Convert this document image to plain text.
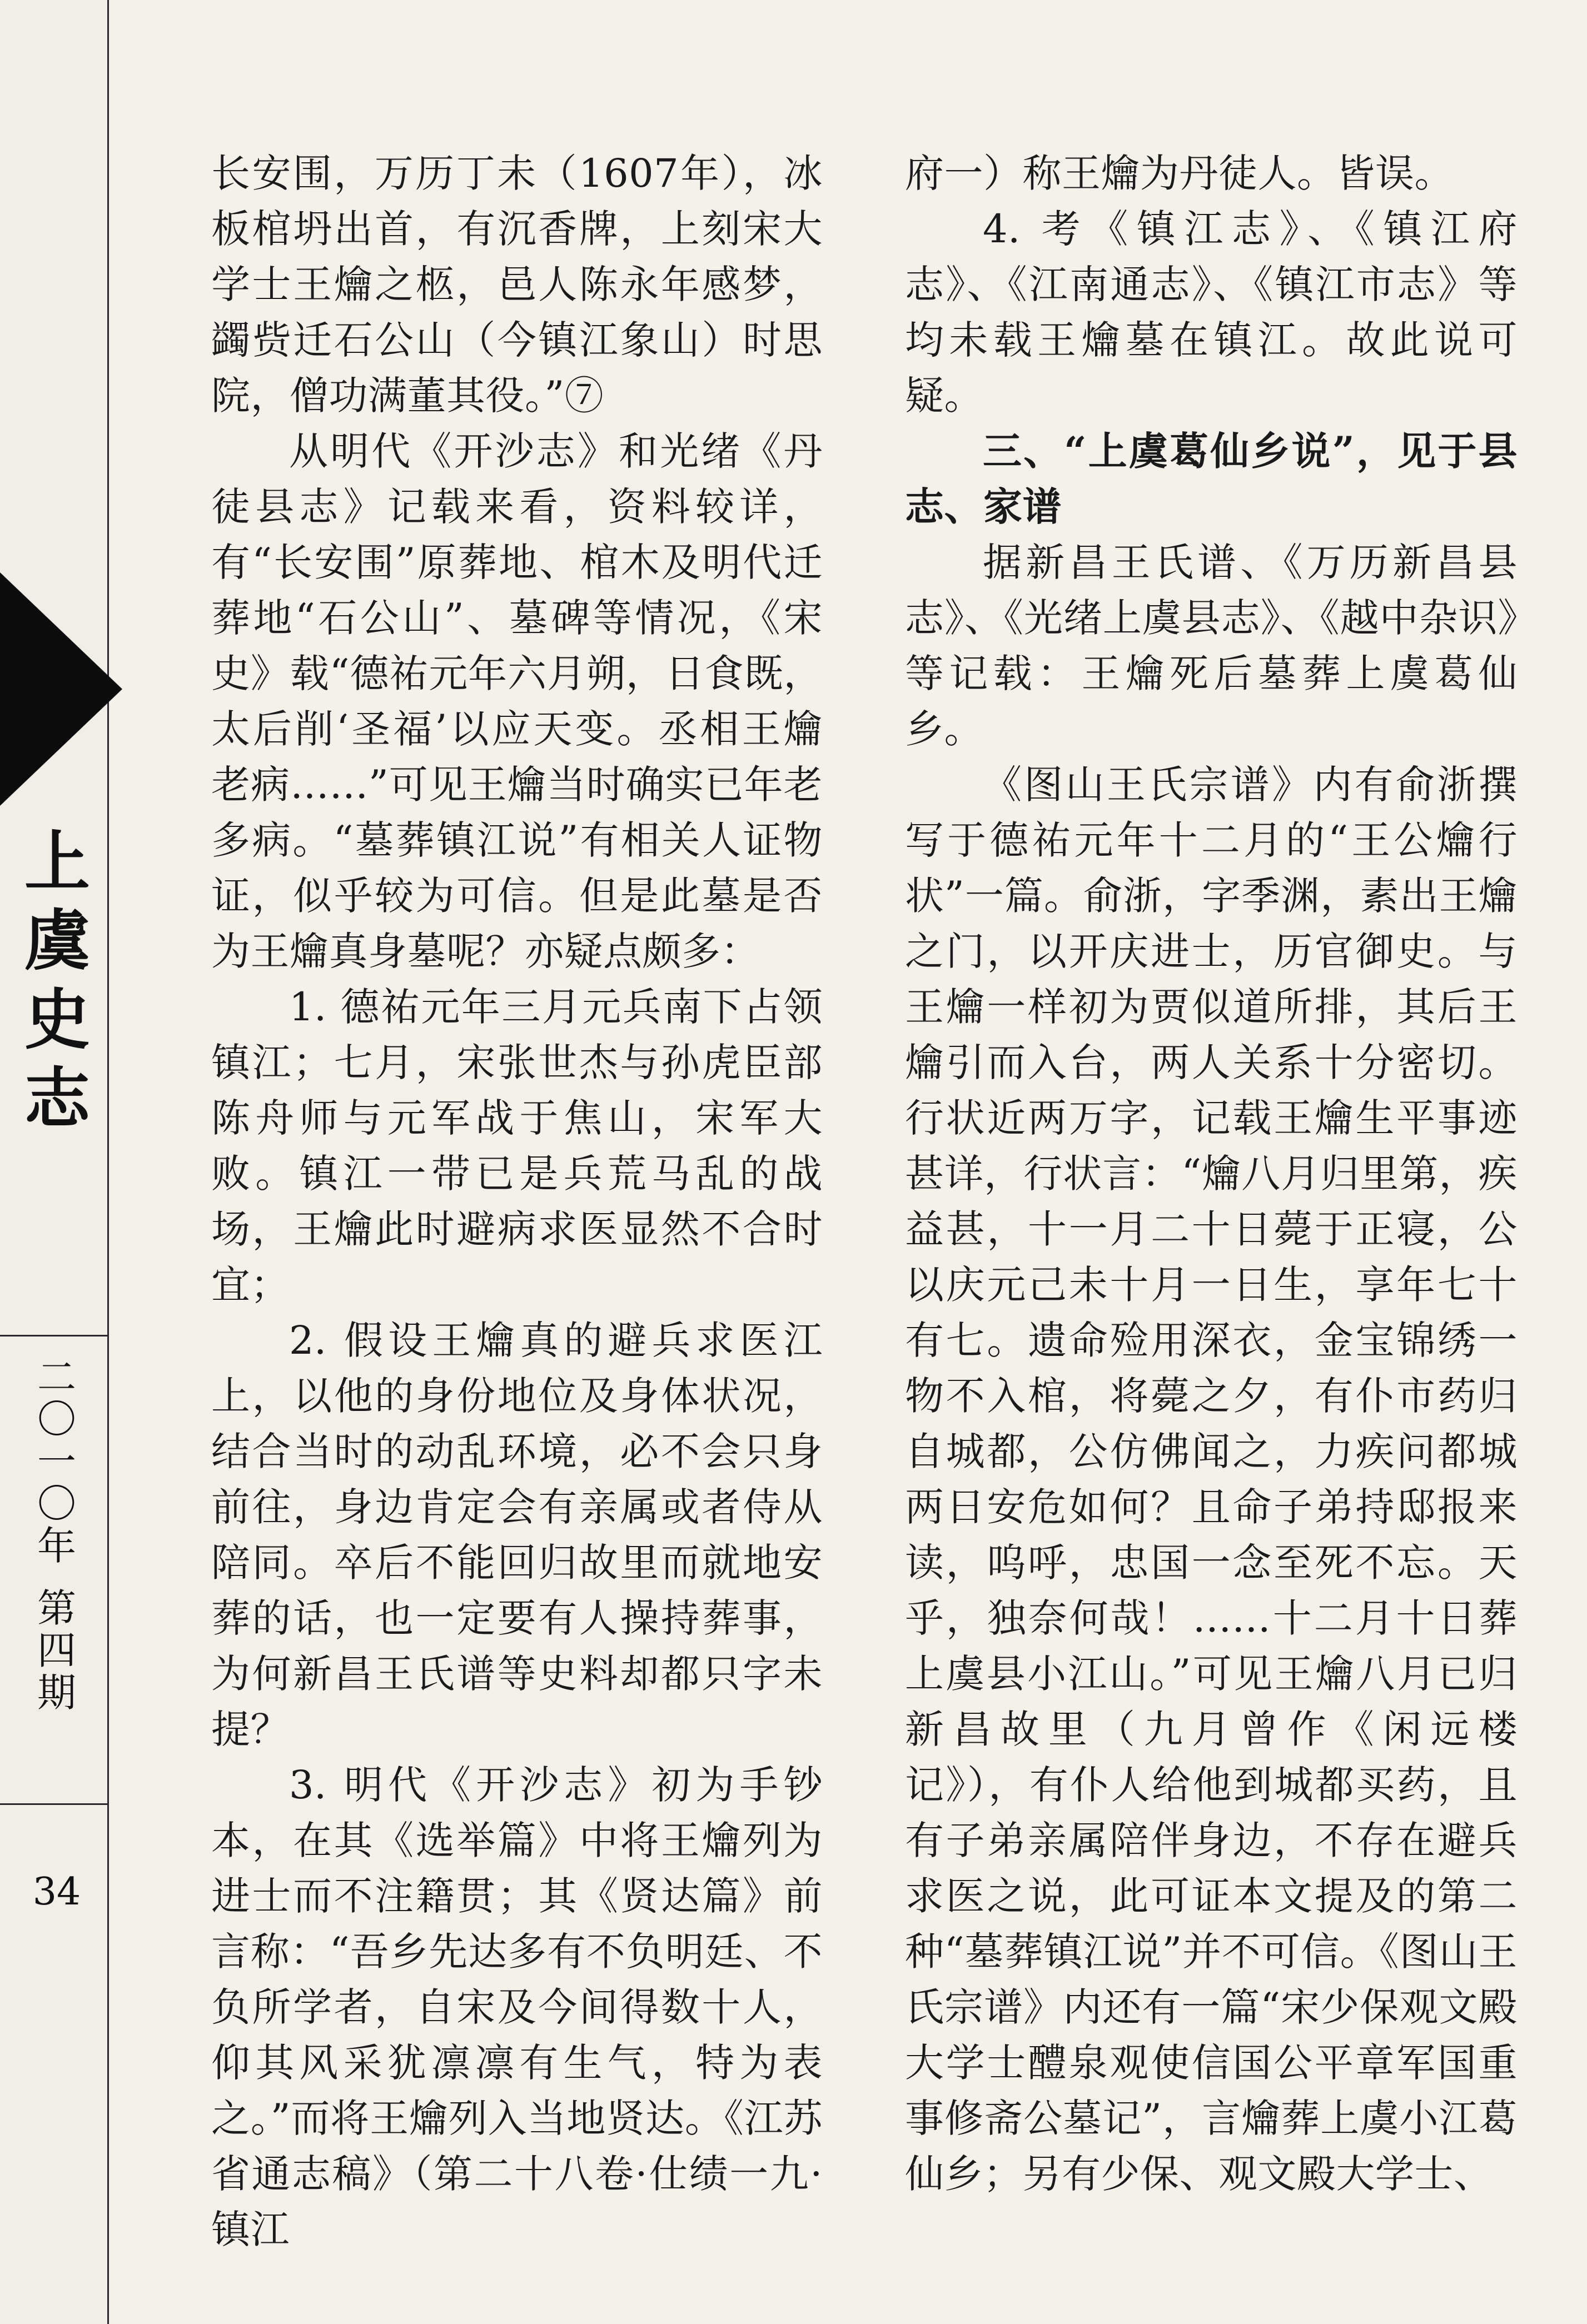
上
虞
史
志
二
〇
一
〇
年
第
四
期
34

长安围，万历丁未（1607年），冰板棺坍出首，有沉香牌，上刻宋大学士王爚之柩，邑人陈永年感梦，蠲赀迁石公山（今镇江象山）时思院，僧功满董其役。”⑦

从明代《开沙志》和光绪《丹徒县志》记载来看，资料较详，有“长安围”原葬地、棺木及明代迁葬地“石公山”、墓碑等情况，《宋史》载“德祐元年六月朔，日食既，太后削‘圣福’以应天变。丞相王爚老病……”可见王爚当时确实已年老多病。“墓葬镇江说”有相关人证物证，似乎较为可信。但是此墓是否为王爚真身墓呢？亦疑点颇多：

1. 德祐元年三月元兵南下占领镇江；七月，宋张世杰与孙虎臣部陈舟师与元军战于焦山，宋军大败。镇江一带已是兵荒马乱的战场，王爚此时避病求医显然不合时宜；

2. 假设王爚真的避兵求医江上，以他的身份地位及身体状况，结合当时的动乱环境，必不会只身前往，身边肯定会有亲属或者侍从陪同。卒后不能回归故里而就地安葬的话，也一定要有人操持葬事，为何新昌王氏谱等史料却都只字未提？

3. 明代《开沙志》初为手钞本，在其《选举篇》中将王爚列为进士而不注籍贯；其《贤达篇》前言称：“吾乡先达多有不负明廷、不负所学者，自宋及今间得数十人，仰其风采犹凛凛有生气，特为表之。”而将王爚列入当地贤达。《江苏省通志稿》（第二十八卷·仕绩一九·镇江

府一）称王爚为丹徒人。皆误。

4. 考《镇江志》、《镇江府志》、《江南通志》、《镇江市志》等均未载王爚墓在镇江。故此说可疑。

三、“上虞葛仙乡说”，见于县志、家谱

据新昌王氏谱、《万历新昌县志》、《光绪上虞县志》、《越中杂识》等记载：王爚死后墓葬上虞葛仙乡。

《图山王氏宗谱》内有俞浙撰写于德祐元年十二月的“王公爚行状”一篇。俞浙，字季渊，素出王爚之门，以开庆进士，历官御史。与王爚一样初为贾似道所排，其后王爚引而入台，两人关系十分密切。行状近两万字，记载王爚生平事迹甚详，行状言：“爚八月归里第，疾益甚，十一月二十日薨于正寝，公以庆元己未十月一日生，享年七十有七。遗命殓用深衣，金宝锦绣一物不入棺，将薨之夕，有仆市药归自城都，公仿佛闻之，力疾问都城两日安危如何？且命子弟持邸报来读，呜呼，忠国一念至死不忘。天乎，独奈何哉！……十二月十日葬上虞县小江山。”可见王爚八月已归新昌故里（九月曾作《闲远楼记》），有仆人给他到城都买药，且有子弟亲属陪伴身边，不存在避兵求医之说，此可证本文提及的第二种“墓葬镇江说”并不可信。《图山王氏宗谱》内还有一篇“宋少保观文殿大学士醴泉观使信国公平章军国重事修斋公墓记”，言爚葬上虞小江葛仙乡；另有少保、观文殿大学士、
